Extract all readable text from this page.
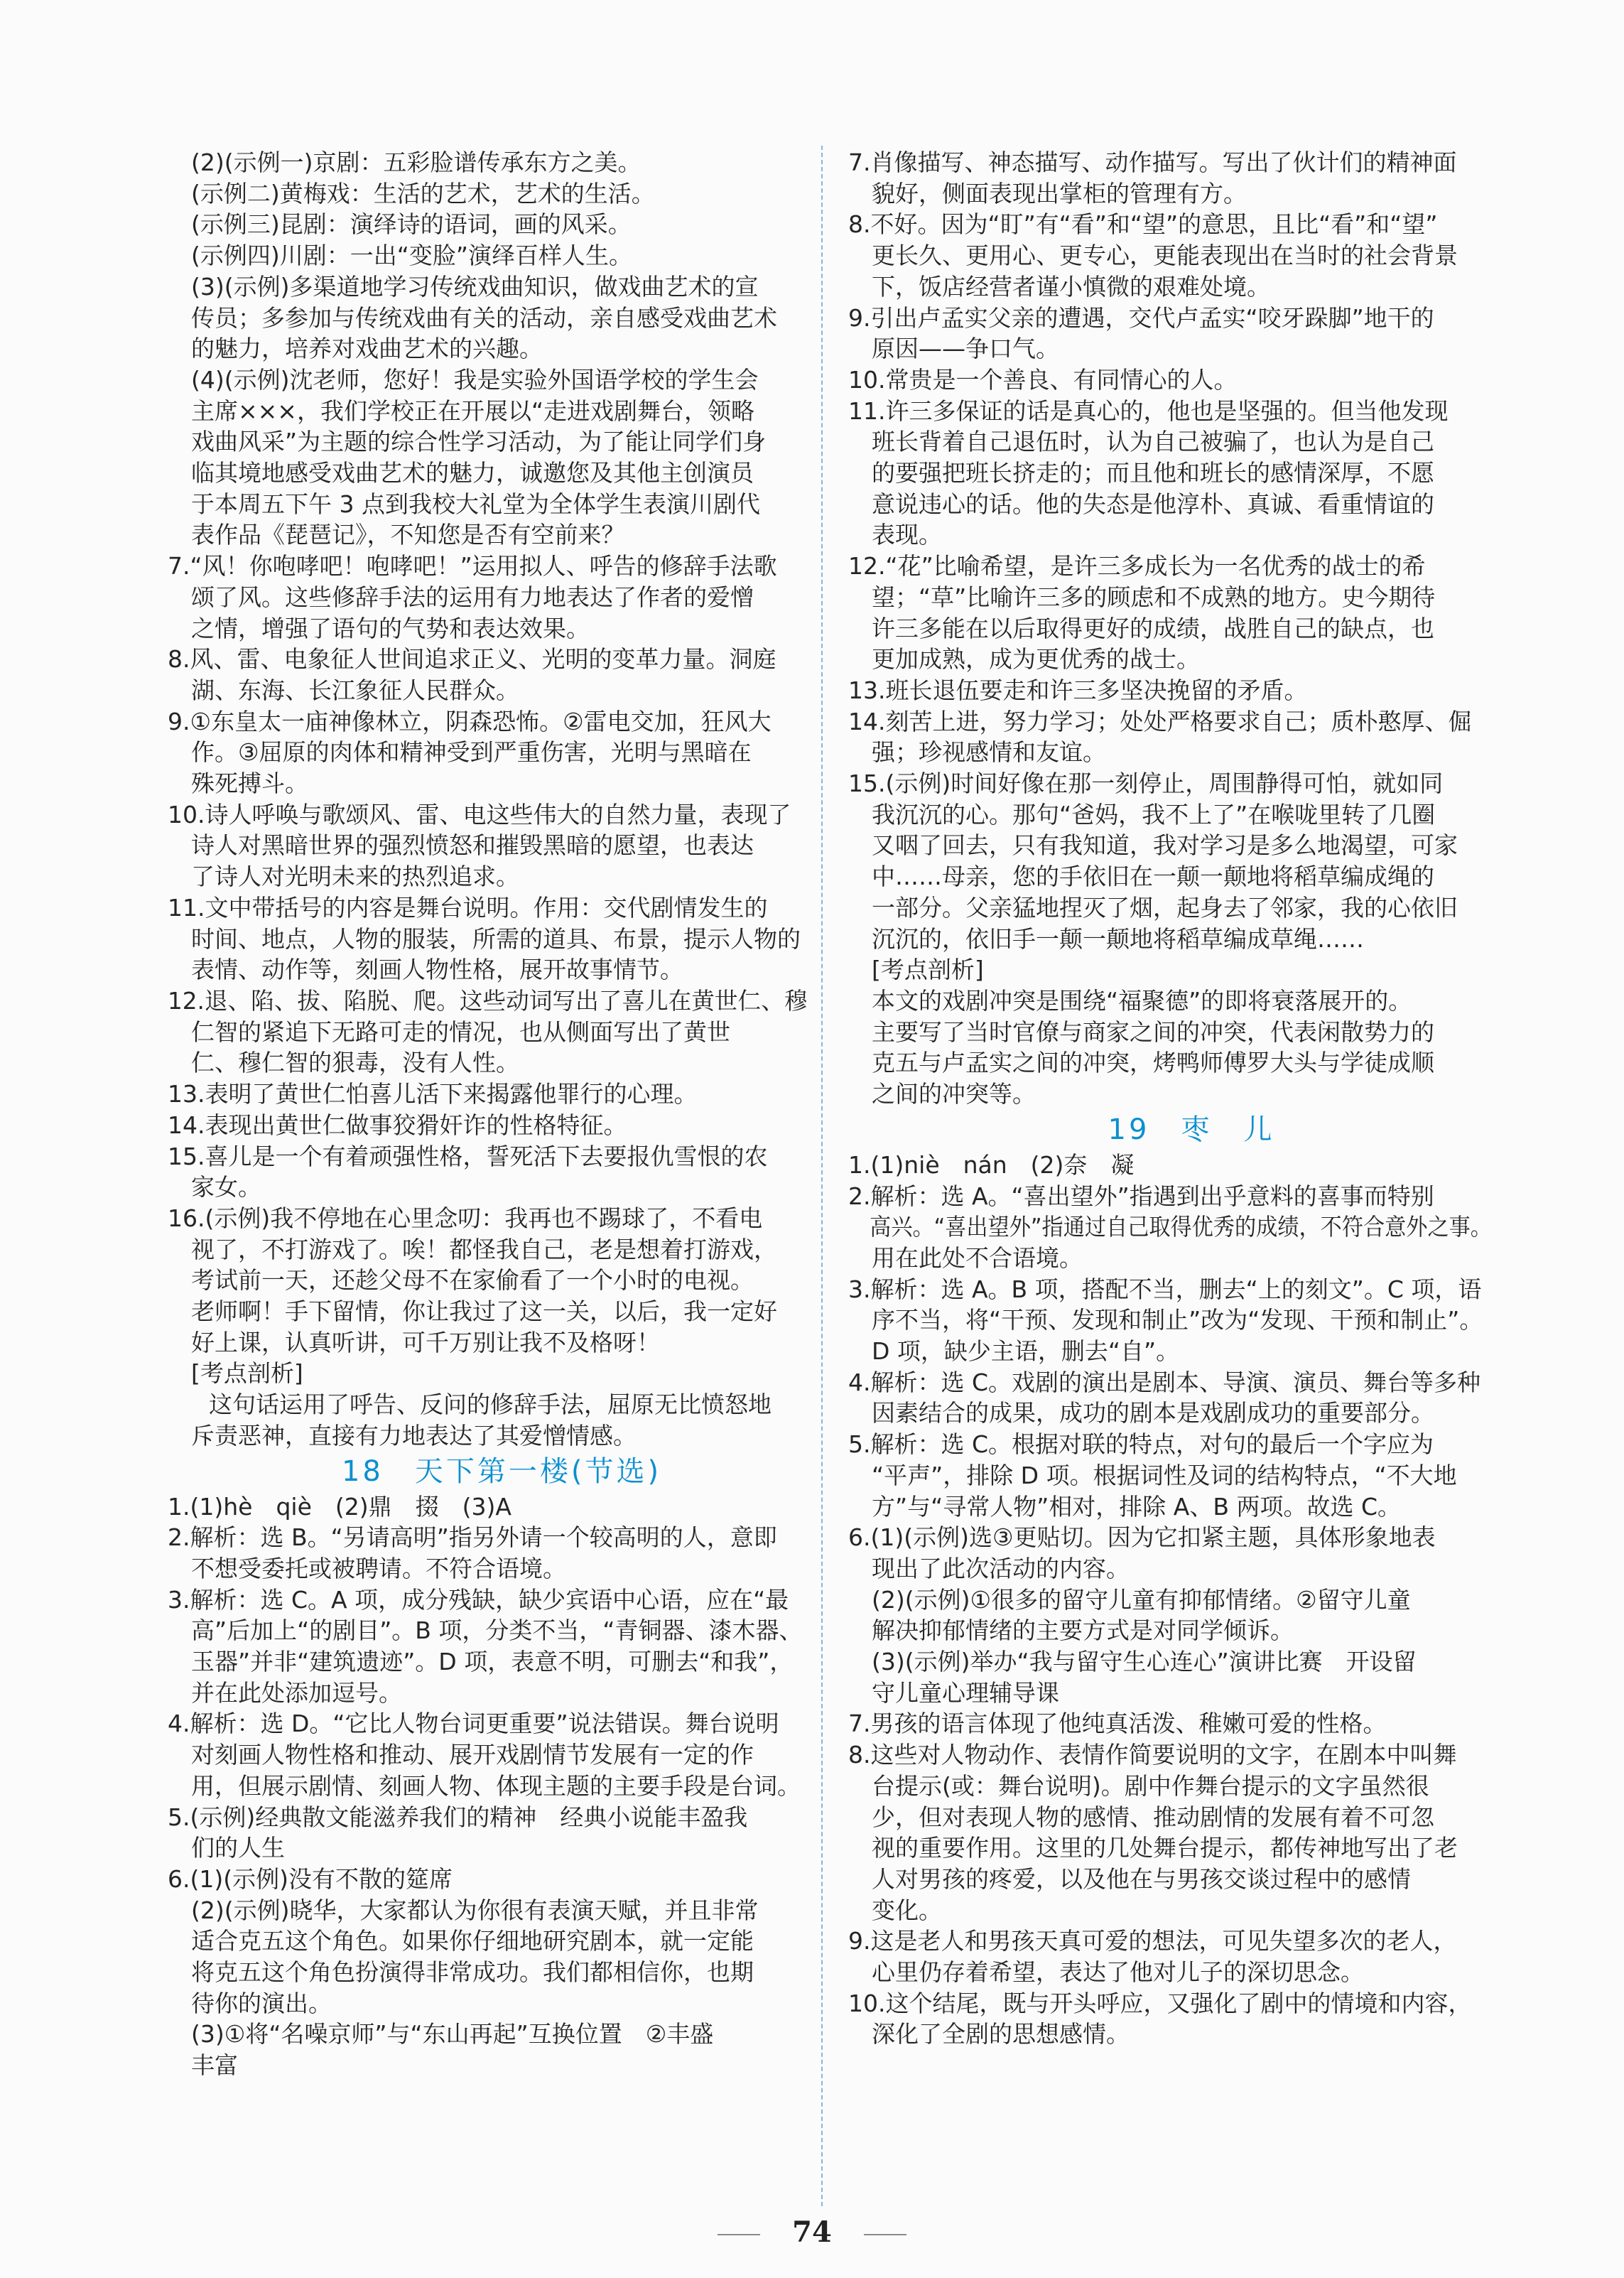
(2)(示例一)京剧：五彩脸谱传承东方之美。
(示例二)黄梅戏：生活的艺术，艺术的生活。
(示例三)昆剧：演绎诗的语词，画的风采。
(示例四)川剧：一出“变脸”演绎百样人生。
(3)(示例)多渠道地学习传统戏曲知识，做戏曲艺术的宣
传员；多参加与传统戏曲有关的活动，亲自感受戏曲艺术
的魅力，培养对戏曲艺术的兴趣。
(4)(示例)沈老师，您好！我是实验外国语学校的学生会
主席×××，我们学校正在开展以“走进戏剧舞台，领略
戏曲风采”为主题的综合性学习活动，为了能让同学们身
临其境地感受戏曲艺术的魅力，诚邀您及其他主创演员
于本周五下午 3 点到我校大礼堂为全体学生表演川剧代
表作品《琵琶记》，不知您是否有空前来？
7.“风！你咆哮吧！咆哮吧！”运用拟人、呼告的修辞手法歌
颂了风。这些修辞手法的运用有力地表达了作者的爱憎
之情，增强了语句的气势和表达效果。
8.风、雷、电象征人世间追求正义、光明的变革力量。洞庭
湖、东海、长江象征人民群众。
9.①东皇太一庙神像林立，阴森恐怖。②雷电交加，狂风大
作。③屈原的肉体和精神受到严重伤害，光明与黑暗在
殊死搏斗。
10.诗人呼唤与歌颂风、雷、电这些伟大的自然力量，表现了
诗人对黑暗世界的强烈愤怒和摧毁黑暗的愿望，也表达
了诗人对光明未来的热烈追求。
11.文中带括号的内容是舞台说明。作用：交代剧情发生的
时间、地点，人物的服装，所需的道具、布景，提示人物的
表情、动作等，刻画人物性格，展开故事情节。
12.退、陷、拔、陷脱、爬。这些动词写出了喜儿在黄世仁、穆
仁智的紧追下无路可走的情况，也从侧面写出了黄世
仁、穆仁智的狠毒，没有人性。
13.表明了黄世仁怕喜儿活下来揭露他罪行的心理。
14.表现出黄世仁做事狡猾奸诈的性格特征。
15.喜儿是一个有着顽强性格，誓死活下去要报仇雪恨的农
家女。
16.(示例)我不停地在心里念叨：我再也不踢球了，不看电
视了，不打游戏了。唉！都怪我自己，老是想着打游戏，
考试前一天，还趁父母不在家偷看了一个小时的电视。
老师啊！手下留情，你让我过了这一关，以后，我一定好
好上课，认真听讲，可千万别让我不及格呀！
[考点剖析]
这句话运用了呼告、反问的修辞手法，屈原无比愤怒地
斥责恶神，直接有力地表达了其爱憎情感。
18　天下第一楼(节选)
1.(1)hè　qiè　(2)鼎　掇　(3)A
2.解析：选 B。“另请高明”指另外请一个较高明的人，意即
不想受委托或被聘请。不符合语境。
3.解析：选 C。A 项，成分残缺，缺少宾语中心语，应在“最
高”后加上“的剧目”。B 项，分类不当，“青铜器、漆木器、
玉器”并非“建筑遗迹”。D 项，表意不明，可删去“和我”，
并在此处添加逗号。
4.解析：选 D。“它比人物台词更重要”说法错误。舞台说明
对刻画人物性格和推动、展开戏剧情节发展有一定的作
用，但展示剧情、刻画人物、体现主题的主要手段是台词。
5.(示例)经典散文能滋养我们的精神　经典小说能丰盈我
们的人生
6.(1)(示例)没有不散的筵席
(2)(示例)晓华，大家都认为你很有表演天赋，并且非常
适合克五这个角色。如果你仔细地研究剧本，就一定能
将克五这个角色扮演得非常成功。我们都相信你，也期
待你的演出。
(3)①将“名噪京师”与“东山再起”互换位置　②丰盛
丰富
7.肖像描写、神态描写、动作描写。写出了伙计们的精神面
貌好，侧面表现出掌柜的管理有方。
8.不好。因为“盯”有“看”和“望”的意思，且比“看”和“望”
更长久、更用心、更专心，更能表现出在当时的社会背景
下，饭店经营者谨小慎微的艰难处境。
9.引出卢孟实父亲的遭遇，交代卢孟实“咬牙跺脚”地干的
原因——争口气。
10.常贵是一个善良、有同情心的人。
11.许三多保证的话是真心的，他也是坚强的。但当他发现
班长背着自己退伍时，认为自己被骗了，也认为是自己
的要强把班长挤走的；而且他和班长的感情深厚，不愿
意说违心的话。他的失态是他淳朴、真诚、看重情谊的
表现。
12.“花”比喻希望，是许三多成长为一名优秀的战士的希
望；“草”比喻许三多的顾虑和不成熟的地方。史今期待
许三多能在以后取得更好的成绩，战胜自己的缺点，也
更加成熟，成为更优秀的战士。
13.班长退伍要走和许三多坚决挽留的矛盾。
14.刻苦上进，努力学习；处处严格要求自己；质朴憨厚、倔
强；珍视感情和友谊。
15.(示例)时间好像在那一刻停止，周围静得可怕，就如同
我沉沉的心。那句“爸妈，我不上了”在喉咙里转了几圈
又咽了回去，只有我知道，我对学习是多么地渴望，可家
中……母亲，您的手依旧在一颠一颠地将稻草编成绳的
一部分。父亲猛地捏灭了烟，起身去了邻家，我的心依旧
沉沉的，依旧手一颠一颠地将稻草编成草绳……
[考点剖析]
本文的戏剧冲突是围绕“福聚德”的即将衰落展开的。
主要写了当时官僚与商家之间的冲突，代表闲散势力的
克五与卢孟实之间的冲突，烤鸭师傅罗大头与学徒成顺
之间的冲突等。
19　枣　儿
1.(1)niè　nán　(2)奈　凝
2.解析：选 A。“喜出望外”指遇到出乎意料的喜事而特别
高兴。“喜出望外”指通过自己取得优秀的成绩，不符合意外之事。
用在此处不合语境。
3.解析：选 A。B 项，搭配不当，删去“上的刻文”。C 项，语
序不当，将“干预、发现和制止”改为“发现、干预和制止”。
D 项，缺少主语，删去“自”。
4.解析：选 C。戏剧的演出是剧本、导演、演员、舞台等多种
因素结合的成果，成功的剧本是戏剧成功的重要部分。
5.解析：选 C。根据对联的特点，对句的最后一个字应为
“平声”，排除 D 项。根据词性及词的结构特点，“不大地
方”与“寻常人物”相对，排除 A、B 两项。故选 C。
6.(1)(示例)选③更贴切。因为它扣紧主题，具体形象地表
现出了此次活动的内容。
(2)(示例)①很多的留守儿童有抑郁情绪。②留守儿童
解决抑郁情绪的主要方式是对同学倾诉。
(3)(示例)举办“我与留守生心连心”演讲比赛　开设留
守儿童心理辅导课
7.男孩的语言体现了他纯真活泼、稚嫩可爱的性格。
8.这些对人物动作、表情作简要说明的文字，在剧本中叫舞
台提示(或：舞台说明)。剧中作舞台提示的文字虽然很
少，但对表现人物的感情、推动剧情的发展有着不可忽
视的重要作用。这里的几处舞台提示，都传神地写出了老
人对男孩的疼爱，以及他在与男孩交谈过程中的感情
变化。
9.这是老人和男孩天真可爱的想法，可见失望多次的老人，
心里仍存着希望，表达了他对儿子的深切思念。
10.这个结尾，既与开头呼应，又强化了剧中的情境和内容，
深化了全剧的思想感情。
74
